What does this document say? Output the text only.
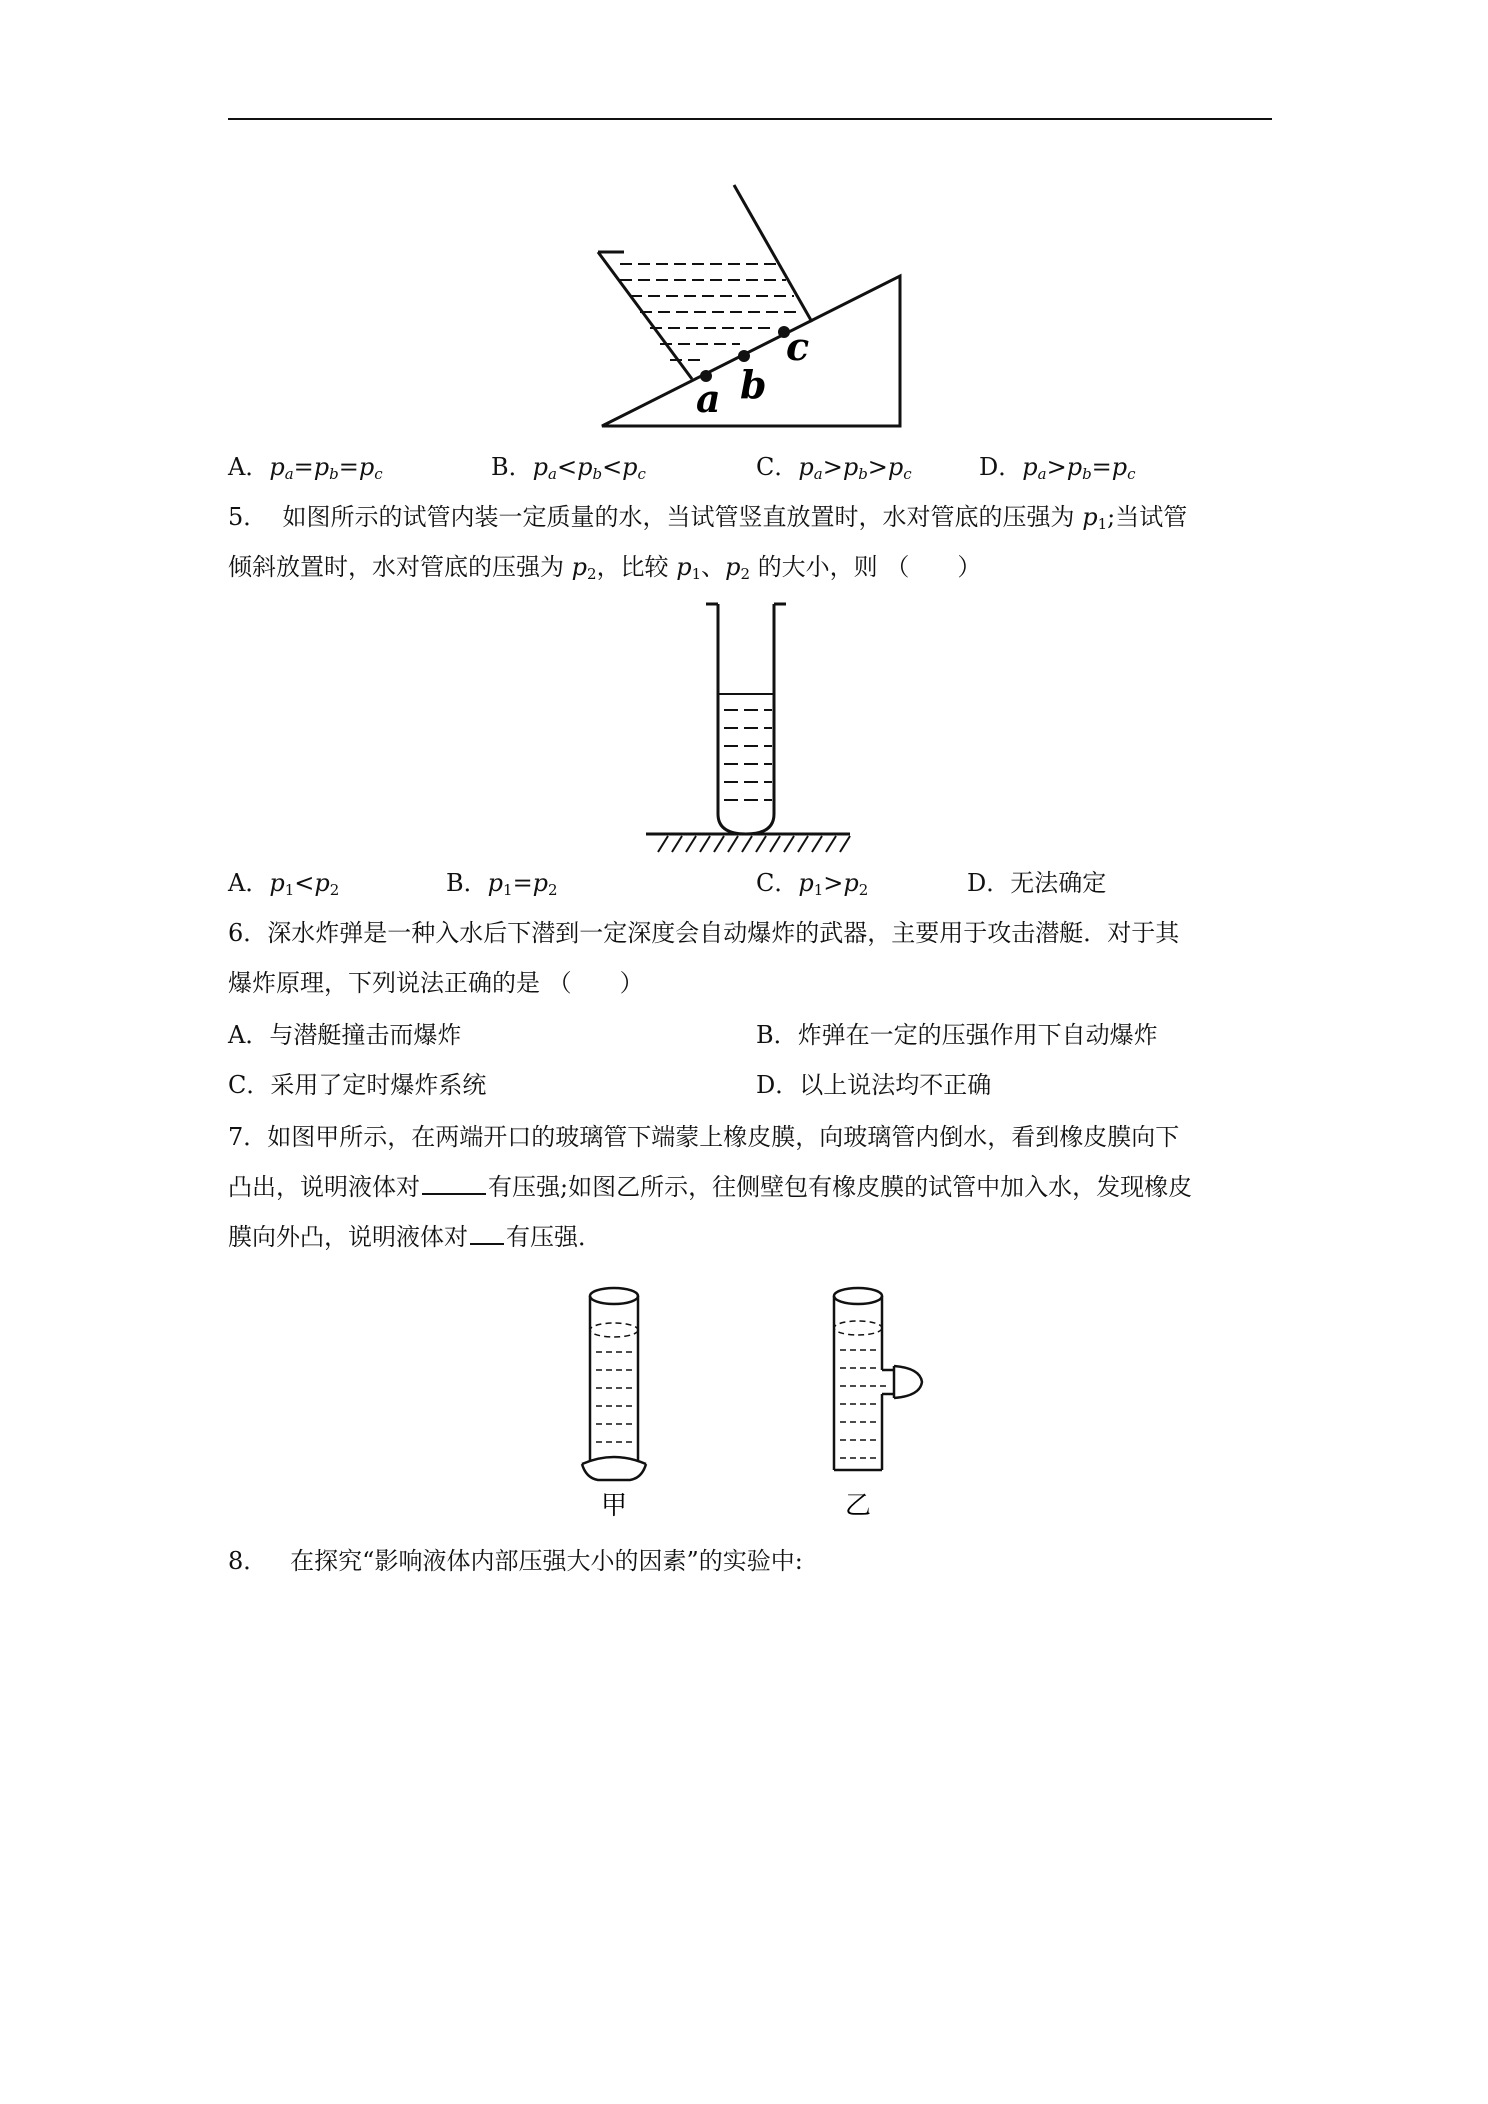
a b
c
A．$p_a=p_b=p_c$	B．$p_a<p_b<p_c$	C．$p_a>p_b>p_c$	D．$p_a>p_b=p_c$
5． 如图所示的试管内装一定质量的水，当试管竖直放置时，水对管底的压强为 $p_1$;当试管
倾斜放置时，水对管底的压强为 $p_2$，比较 $p_1$、$p_2$ 的大小，则 （　　）
A．$p_1<p_2$	B．$p_1=p_2$	C．$p_1>p_2$	D．无法确定
6．深水炸弹是一种入水后下潜到一定深度会自动爆炸的武器，主要用于攻击潜艇．对于其
爆炸原理，下列说法正确的是 （　　）
A．与潜艇撞击而爆炸	B．炸弹在一定的压强作用下自动爆炸
C．采用了定时爆炸系统	D．以上说法均不正确
7．如图甲所示，在两端开口的玻璃管下端蒙上橡皮膜，向玻璃管内倒水，看到橡皮膜向下
凸出，说明液体对	有压强;如图乙所示，往侧壁包有橡皮膜的试管中加入水，发现橡皮
膜向外凸，说明液体对 有压强．
甲	乙
8． 在探究“影响液体内部压强大小的因素”的实验中:
